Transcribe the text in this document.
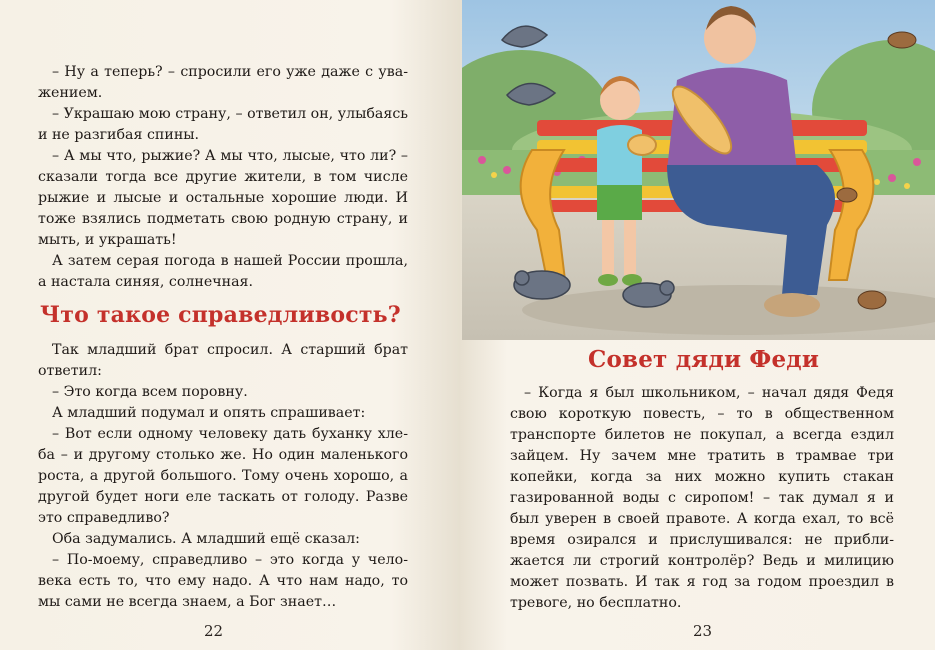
– Ну а теперь? – спросили его уже даже с уважением.

– Украшаю мою страну, – ответил он, улыбаясь и не разгибая спины.

– А мы что, рыжие? А мы что, лысые, что ли? – сказали тогда все другие жители, в том числе рыжие и лысые и остальные хорошие люди. И тоже взялись подметать свою родную страну, и мыть, и украшать!

А затем серая погода в нашей России прошла, а настала синяя, солнечная.

Что такое справедливость?

Так младший брат спросил. А старший брат ответил:

– Это когда всем поровну.

А младший подумал и опять спрашивает:

– Вот если одному человеку дать буханку хлеба – и другому столько же. Но один маленького роста, а другой большого. Тому очень хорошо, а другой будет ноги еле таскать от голоду. Разве это справедливо?

Оба задумались. А младший ещё сказал:

– По-моему, справедливо – это когда у человека есть то, что ему надо. А что нам надо, то мы сами не всегда знаем, а Бог знает…

22
Совет дяди Феди

– Когда я был школьником, – начал дядя Федя свою короткую повесть, – то в общественном транспорте билетов не покупал, а всегда ездил зайцем. Ну зачем мне тратить в трамвае три копейки, когда за них можно купить стакан газированной воды с сиропом! – так думал я и был уверен в своей правоте. А когда ехал, то всё время озирался и прислушивался: не приближается ли строгий контролёр? Ведь и милицию может позвать. И так я год за годом проездил в тревоге, но бесплатно.

23
